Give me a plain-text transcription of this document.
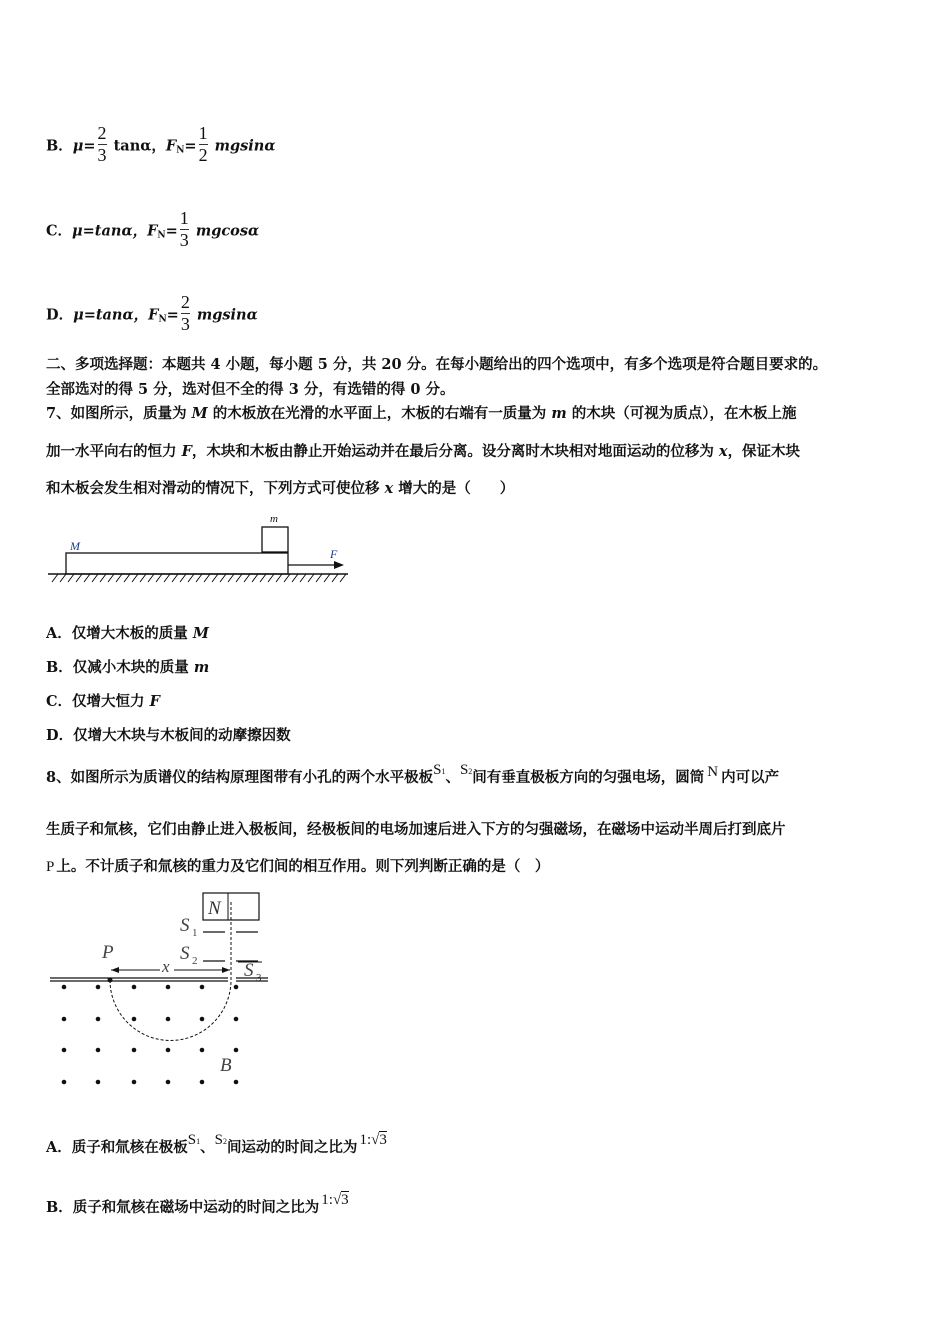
B．$\mu= \frac{2}{3}$ tanα，$F_N= \frac{1}{2}$ mgsinα
C．μ=tanα，$F_N= \frac{1}{3}$ mgcosα
D．μ=tanα，$F_N= \frac{2}{3}$ mgsinα
二、多项选择题：本题共 4 小题，每小题 5 分，共 20 分。在每小题给出的四个选项中，有多个选项是符合题目要求的。
全部选对的得 5 分，选对但不全的得 3 分，有选错的得 0 分。
7、如图所示，质量为 M 的木板放在光滑的水平面上，木板的右端有一质量为 m 的木块（可视为质点），在木板上施
加一水平向右的恒力 F，木块和木板由静止开始运动并在最后分离。设分离时木块相对地面运动的位移为 x，保证木块
和木板会发生相对滑动的情况下，下列方式可使位移 x 增大的是（　　）
M
m
F
A．仅增大木板的质量 M
B．仅减小木块的质量 m
C．仅增大恒力 F
D．仅增大木块与木板间的动摩擦因数
8、如图所示为质谱仪的结构原理图带有小孔的两个水平极板S1、S2间有垂直极板方向的匀强电场，圆筒 N 内可以产
生质子和氚核，它们由静止进入极板间，经极板间的电场加速后进入下方的匀强磁场，在磁场中运动半周后打到底片
P 上。不计质子和氚核的重力及它们间的相互作用。则下列判断正确的是（　）
N
S 1
S 2 S 3
P
x
B
A．质子和氚核在极板S1、S2间运动的时间之比为 1:√3
B．质子和氚核在磁场中运动的时间之比为 1:√3
